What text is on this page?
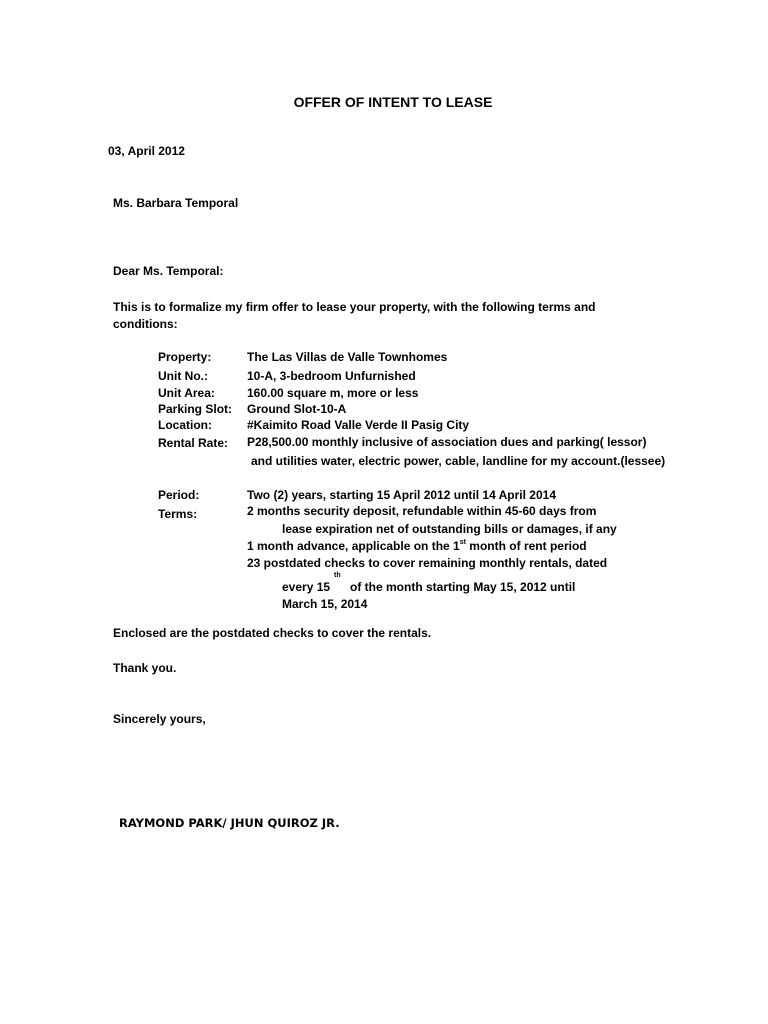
OFFER OF INTENT TO LEASE
03, April 2012
Ms. Barbara Temporal
Dear Ms. Temporal:
This is to formalize my firm offer to lease your property, with the following terms and
conditions:
Property:	The Las Villas de Valle Townhomes
Unit No.:	10-A, 3-bedroom Unfurnished
Unit Area:	160.00 square m, more or less
Parking Slot: Ground Slot-10-A
Location:	#Kaimito Road Valle Verde II Pasig City
Rental Rate: P28,500.00 monthly inclusive of association dues and parking( lessor)
and utilities water, electric power, cable, landline for my account.(lessee)
Period:	Two (2) years, starting 15 April 2012 until 14 April 2014
Terms:	2 months security deposit, refundable within 45-60 days from
lease expiration net of outstanding bills or damages, if any
1 month advance, applicable on the 1st month of rent period
23 postdated checks to cover remaining monthly rentals, dated
every 15
th
of the month starting May 15, 2012 until
March 15, 2014
Enclosed are the postdated checks to cover the rentals.
Thank you.
Sincerely yours,
RAYMOND PARK/ JHUN QUIROZ JR.
